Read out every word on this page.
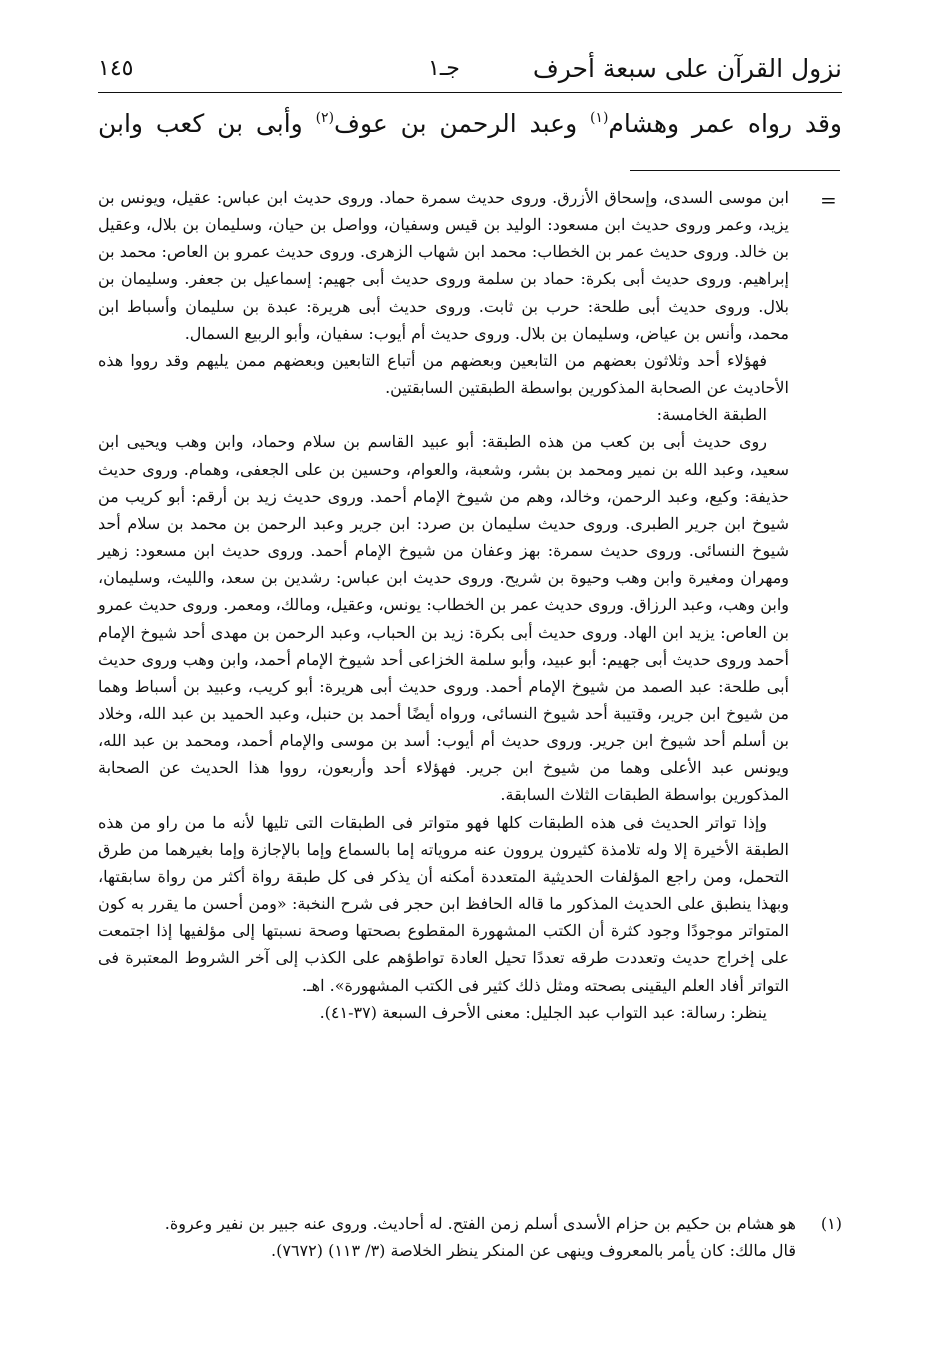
نزول القرآن على سبعة أحرف
جـ١
١٤٥
وقد رواه عمر وهشام$^{(١)}$ وعبد الرحمن بن عوف$^{(٢)}$ وأبى بن كعب وابن
=

ابن موسى السدى، وإسحاق الأزرق. وروى حديث سمرة حماد. وروى حديث ابن عباس: عقيل، ويونس بن يزيد، وعمر وروى حديث ابن مسعود: الوليد بن قيس وسفيان، وواصل بن حيان، وسليمان بن بلال، وعقيل بن خالد. وروى حديث عمر بن الخطاب: محمد ابن شهاب الزهرى. وروى حديث عمرو بن العاص: محمد بن إبراهيم. وروى حديث أبى بكرة: حماد بن سلمة وروى حديث أبى جهيم: إسماعيل بن جعفر. وسليمان بن بلال. وروى حديث أبى طلحة: حرب بن ثابت. وروى حديث أبى هريرة: عبدة بن سليمان وأسباط ابن محمد، وأنس بن عياض، وسليمان بن بلال. وروى حديث أم أيوب: سفيان، وأبو الربيع السمال.

فهؤلاء أحد وثلاثون بعضهم من التابعين وبعضهم من أتباع التابعين وبعضهم ممن يليهم وقد رووا هذه الأحاديث عن الصحابة المذكورين بواسطة الطبقتين السابقتين.

الطبقة الخامسة:

روى حديث أبى بن كعب من هذه الطبقة: أبو عبيد القاسم بن سلام وحماد، وابن وهب ويحيى ابن سعيد، وعبد الله بن نمير ومحمد بن بشر، وشعبة، والعوام، وحسين بن على الجعفى، وهمام. وروى حديث حذيفة: وكيع، وعبد الرحمن، وخالد، وهم من شيوخ الإمام أحمد. وروى حديث زيد بن أرقم: أبو كريب من شيوخ ابن جرير الطبرى. وروى حديث سليمان بن صرد: ابن جرير وعبد الرحمن بن محمد بن سلام أحد شيوخ النسائى. وروى حديث سمرة: بهز وعفان من شيوخ الإمام أحمد. وروى حديث ابن مسعود: زهير ومهران ومغيرة وابن وهب وحيوة بن شريح. وروى حديث ابن عباس: رشدين بن سعد، والليث، وسليمان، وابن وهب، وعبد الرزاق. وروى حديث عمر بن الخطاب: يونس، وعقيل، ومالك، ومعمر. وروى حديث عمرو بن العاص: يزيد ابن الهاد. وروى حديث أبى بكرة: زيد بن الحباب، وعبد الرحمن بن مهدى أحد شيوخ الإمام أحمد وروى حديث أبى جهيم: أبو عبيد، وأبو سلمة الخزاعى أحد شيوخ الإمام أحمد، وابن وهب وروى حديث أبى طلحة: عبد الصمد من شيوخ الإمام أحمد. وروى حديث أبى هريرة: أبو كريب، وعبيد بن أسباط وهما من شيوخ ابن جرير، وقتيبة أحد شيوخ النسائى، ورواه أيضًا أحمد بن حنبل، وعبد الحميد بن عبد الله، وخلاد بن أسلم أحد شيوخ ابن جرير. وروى حديث أم أيوب: أسد بن موسى والإمام أحمد، ومحمد بن عبد الله، ويونس عبد الأعلى وهما من شيوخ ابن جرير. فهؤلاء أحد وأربعون، رووا هذا الحديث عن الصحابة المذكورين بواسطة الطبقات الثلاث السابقة.

وإذا تواتر الحديث فى هذه الطبقات كلها فهو متواتر فى الطبقات التى تليها لأنه ما من راو من هذه الطبقة الأخيرة إلا وله تلامذة كثيرون يروون عنه مروياته إما بالسماع وإما بالإجازة وإما بغيرهما من طرق التحمل، ومن راجع المؤلفات الحديثية المتعددة أمكنه أن يذكر فى كل طبقة رواة أكثر من رواة سابقتها، وبهذا ينطبق على الحديث المذكور ما قاله الحافظ ابن حجر فى شرح النخبة: «ومن أحسن ما يقرر به كون المتواتر موجودًا وجود كثرة أن الكتب المشهورة المقطوع بصحتها وصحة نسبتها إلى مؤلفيها إذا اجتمعت على إخراج حديث وتعددت طرقه تعددًا تحيل العادة تواطؤهم على الكذب إلى آخر الشروط المعتبرة فى التواتر أفاد العلم اليقينى بصحته ومثل ذلك كثير فى الكتب المشهورة». اهـ.

ينظر: رسالة: عبد التواب عبد الجليل: معنى الأحرف السبعة (٣٧-٤١).

(١)

هو هشام بن حكيم بن حزام الأسدى أسلم زمن الفتح. له أحاديث. وروى عنه جبير بن نفير وعروة.

قال مالك: كان يأمر بالمعروف وينهى عن المنكر ينظر الخلاصة (٣/ ١١٣) (٧٦٧٢).
